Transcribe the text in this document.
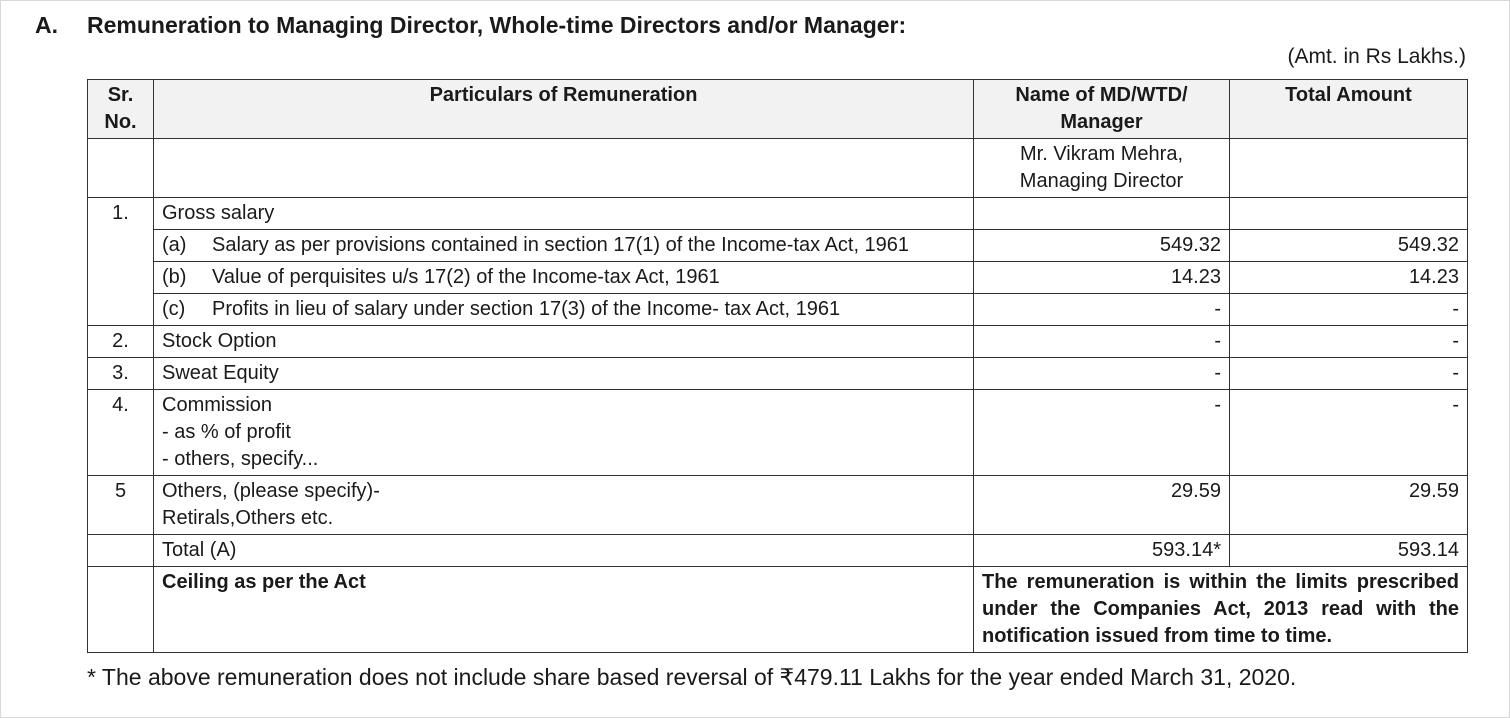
A. Remuneration to Managing Director, Whole-time Directors and/or Manager:
(Amt. in Rs Lakhs.)
Sr. No.	Particulars of Remuneration	Name of MD/WTD/ Manager	Total Amount

		Mr. Vikram Mehra,
Managing Director	

1.	Gross salary		
	(a) Salary as per provisions contained in section 17(1) of the Income-tax Act, 1961	549.32	549.32
	(b) Value of perquisites u/s 17(2) of the Income-tax Act, 1961	14.23	14.23
	(c) Profits in lieu of salary under section 17(3) of the Income- tax Act, 1961	-	-
2.	Stock Option	-	-
3.	Sweat Equity	-	-
4.	Commission
- as % of profit
- others, specify...	-	-
5	Others, (please specify)-
Retirals,Others etc.	29.59	29.59
	Total (A)	593.14*	593.14
	Ceiling as per the Act	The remuneration is within the limits prescribed under the Companies Act, 2013 read with the notification issued from time to time.	
* The above remuneration does not include share based reversal of ₹479.11 Lakhs for the year ended March 31, 2020.
